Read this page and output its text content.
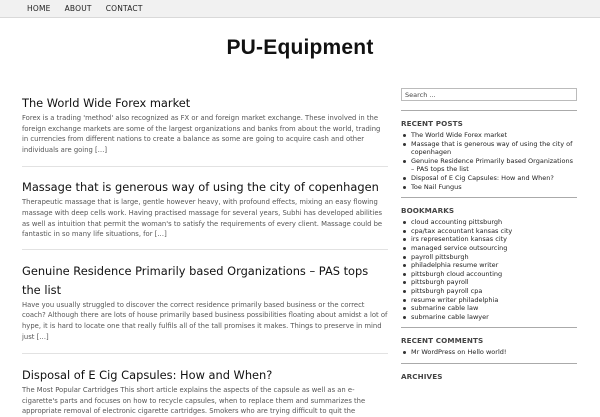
HOME	ABOUT	CONTACT
PU-Equipment
The World Wide Forex market

Forex is a trading 'method' also recognized as FX or and foreign market exchange. These involved in the foreign exchange markets are some of the largest organizations and banks from about the world, trading in currencies from different nations to create a balance as some are going to acquire cash and other individuals are going […]

Massage that is generous way of using the city of copenhagen

Therapeutic massage that is large, gentle however heavy, with profound effects, mixing an easy flowing massage with deep cells work. Having practised massage for several years, Subhi has developed abilities as well as intuition that permit the woman's to satisfy the requirements of every client. Massage could be fantastic in so many life situations, for […]

Genuine Residence Primarily based Organizations – PAS tops the list

Have you usually struggled to discover the correct residence primarily based business or the correct coach? Although there are lots of house primarily based business possibilities floating about amidst a lot of hype, it is hard to locate one that really fulfils all of the tall promises it makes. Things to preserve in mind just […]

Disposal of E Cig Capsules: How and When?

The Most Popular Cartridges This short article explains the aspects of the capsule as well as an e-cigarette's parts and focuses on how to recycle capsules, when to replace them and summarizes the appropriate removal of electronic cigarette cartridges. Smokers who are trying difficult to quit the

Search ...
RECENT POSTS
The World Wide Forex market
Massage that is generous way of using the city of copenhagen
Genuine Residence Primarily based Organizations – PAS tops the list
Disposal of E Cig Capsules: How and When?
Toe Nail Fungus
BOOKMARKS
cloud accounting pittsburgh
cpa/tax accountant kansas city
irs representation kansas city
managed service outsourcing
payroll pittsburgh
philadelphia resume writer
pittsburgh cloud accounting
pittsburgh payroll
pittsburgh payroll cpa
resume writer philadelphia
submarine cable law
submarine cable lawyer
RECENT COMMENTS
Mr WordPress on Hello world!
ARCHIVES
